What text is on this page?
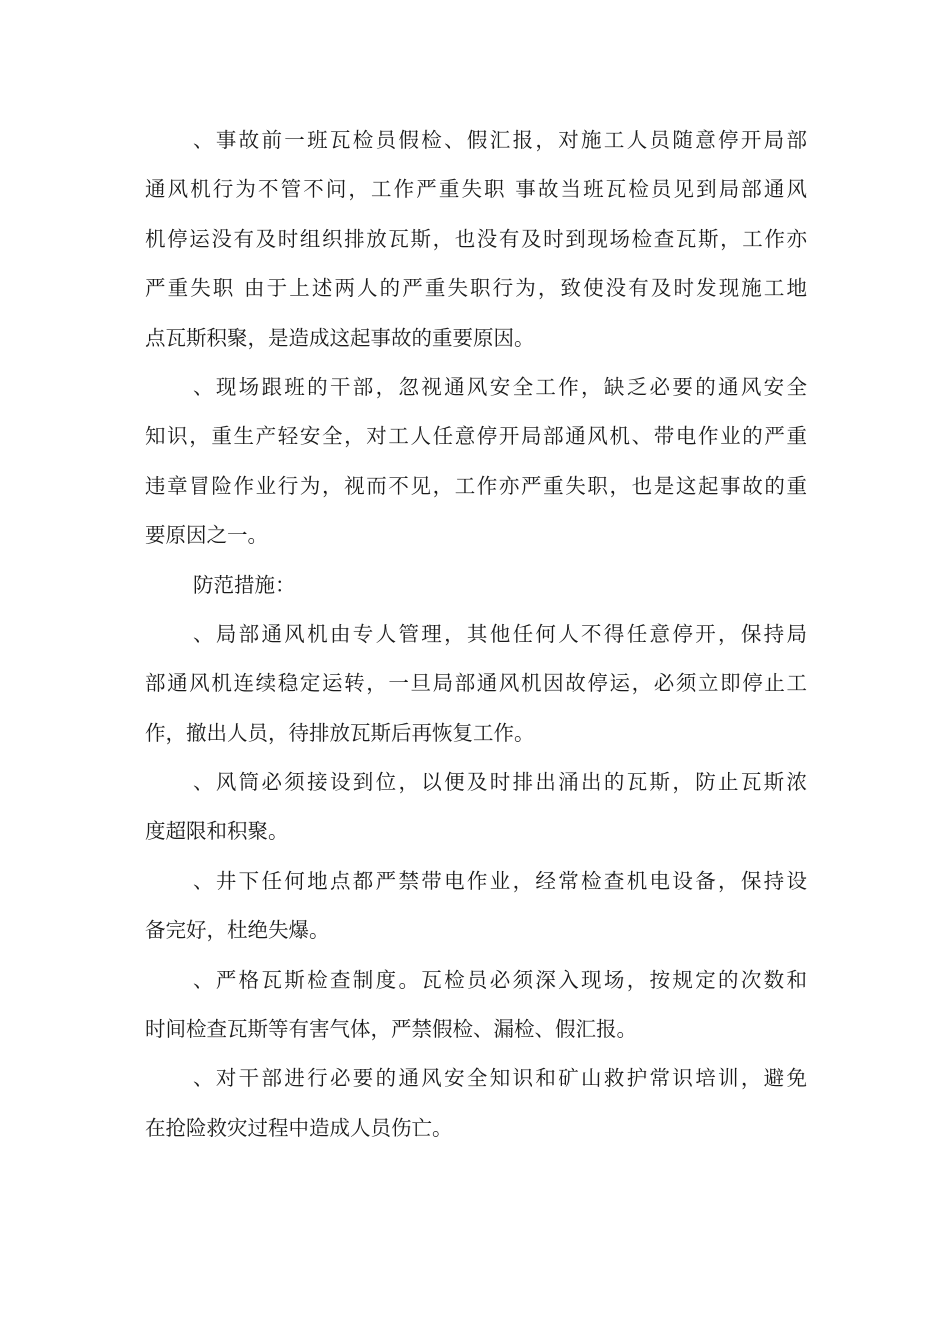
、事故前一班瓦检员假检、假汇报，对施工人员随意停开局部
通风机行为不管不问，工作严重失职 事故当班瓦检员见到局部通风
机停运没有及时组织排放瓦斯，也没有及时到现场检查瓦斯，工作亦
严重失职 由于上述两人的严重失职行为，致使没有及时发现施工地
点瓦斯积聚，是造成这起事故的重要原因。
、现场跟班的干部，忽视通风安全工作，缺乏必要的通风安全
知识，重生产轻安全，对工人任意停开局部通风机、带电作业的严重
违章冒险作业行为，视而不见，工作亦严重失职，也是这起事故的重
要原因之一。
防范措施：
、局部通风机由专人管理，其他任何人不得任意停开，保持局
部通风机连续稳定运转，一旦局部通风机因故停运，必须立即停止工
作，撤出人员，待排放瓦斯后再恢复工作。
、风筒必须接设到位，以便及时排出涌出的瓦斯，防止瓦斯浓
度超限和积聚。
、井下任何地点都严禁带电作业，经常检查机电设备，保持设
备完好，杜绝失爆。
、严格瓦斯检查制度。瓦检员必须深入现场，按规定的次数和
时间检查瓦斯等有害气体，严禁假检、漏检、假汇报。
、对干部进行必要的通风安全知识和矿山救护常识培训，避免
在抢险救灾过程中造成人员伤亡。
